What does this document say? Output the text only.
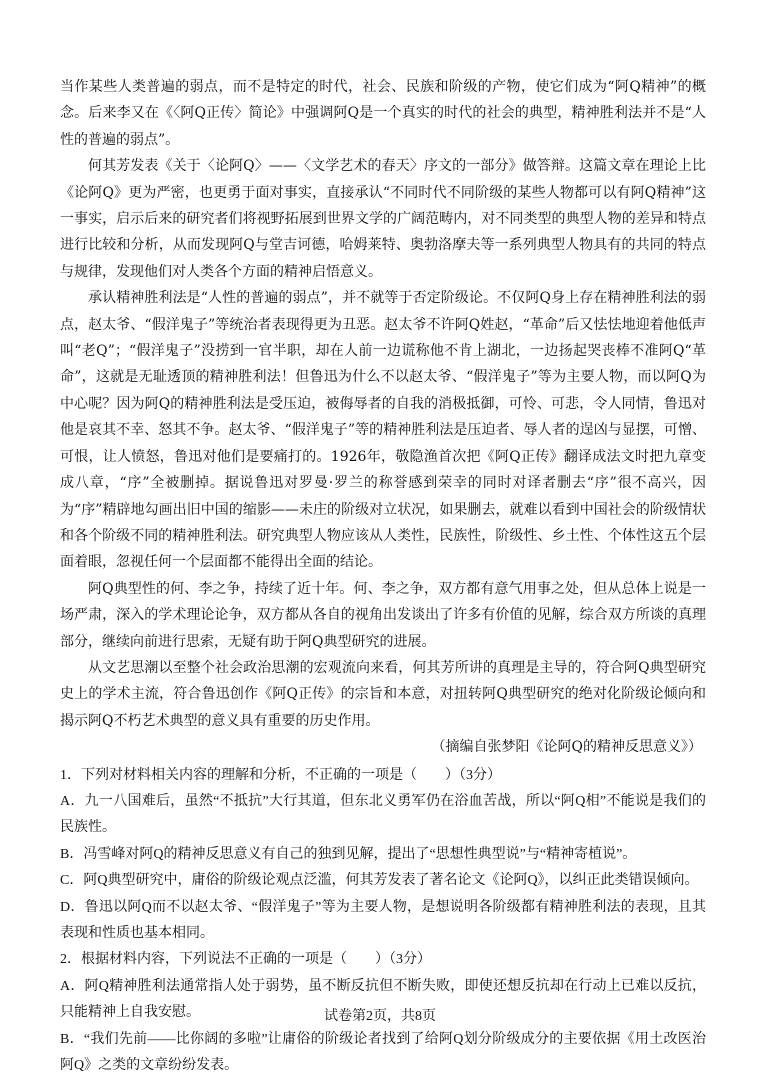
当作某些人类普遍的弱点，而不是特定的时代，社会、民族和阶级的产物，使它们成为“阿Q精神”的概念。后来李又在《〈阿Q正传〉简论》中强调阿Q是一个真实的时代的社会的典型，精神胜利法并不是“人性的普遍的弱点”。

何其芳发表《关于〈论阿Q〉——〈文学艺术的春天〉序文的一部分》做答辩。这篇文章在理论上比《论阿Q》更为严密，也更勇于面对事实，直接承认“不同时代不同阶级的某些人物都可以有阿Q精神”这一事实，启示后来的研究者们将视野拓展到世界文学的广阔范畴内，对不同类型的典型人物的差异和特点进行比较和分析，从而发现阿Q与堂吉诃德，哈姆莱特、奥勃洛摩夫等一系列典型人物具有的共同的特点与规律，发现他们对人类各个方面的精神启悟意义。

承认精神胜利法是“人性的普遍的弱点”，并不就等于否定阶级论。不仅阿Q身上存在精神胜利法的弱点，赵太爷、“假洋鬼子”等统治者表现得更为丑恶。赵太爷不许阿Q姓赵，“革命”后又怯怯地迎着他低声叫“老Q”；“假洋鬼子”没捞到一官半职，却在人前一边谎称他不肯上湖北，一边扬起哭丧棒不准阿Q“革命”，这就是无耻透顶的精神胜利法！但鲁迅为什么不以赵太爷、“假洋鬼子”等为主要人物，而以阿Q为中心呢？因为阿Q的精神胜利法是受压迫，被侮辱者的自我的消极抵御，可怜、可悲，令人同情，鲁迅对他是哀其不幸、怒其不争。赵太爷、“假洋鬼子”等的精神胜利法是压迫者、辱人者的逞凶与显摆，可憎、可恨，让人愤怒，鲁迅对他们是要痛打的。1926年，敬隐渔首次把《阿Q正传》翻译成法文时把九章变成八章，“序”全被删掉。据说鲁迅对罗曼·罗兰的称誉感到荣幸的同时对译者删去“序”很不高兴，因为“序”精辟地勾画出旧中国的缩影——未庄的阶级对立状况，如果删去，就难以看到中国社会的阶级情状和各个阶级不同的精神胜利法。研究典型人物应该从人类性，民族性，阶级性、乡土性、个体性这五个层面着眼，忽视任何一个层面都不能得出全面的结论。

阿Q典型性的何、李之争，持续了近十年。何、李之争，双方都有意气用事之处，但从总体上说是一场严肃，深入的学术理论论争，双方都从各自的视角出发谈出了许多有价值的见解，综合双方所谈的真理部分，继续向前进行思索，无疑有助于阿Q典型研究的进展。

从文艺思潮以至整个社会政治思潮的宏观流向来看，何其芳所讲的真理是主导的，符合阿Q典型研究史上的学术主流，符合鲁迅创作《阿Q正传》的宗旨和本意，对扭转阿Q典型研究的绝对化阶级论倾向和揭示阿Q不朽艺术典型的意义具有重要的历史作用。

（摘编自张梦阳《论阿Q的精神反思意义》）

1．下列对材料相关内容的理解和分析，不正确的一项是（　　）（3分）

A．九一八国难后，虽然“不抵抗”大行其道，但东北义勇军仍在浴血苦战，所以“阿Q相”不能说是我们的民族性。

B．冯雪峰对阿Q的精神反思意义有自己的独到见解，提出了“思想性典型说”与“精神寄植说”。

C．阿Q典型研究中，庸俗的阶级论观点泛滥，何其芳发表了著名论文《论阿Q》，以纠正此类错误倾向。

D．鲁迅以阿Q而不以赵太爷、“假洋鬼子”等为主要人物，是想说明各阶级都有精神胜利法的表现，且其表现和性质也基本相同。

2．根据材料内容，下列说法不正确的一项是（　　）（3分）

A．阿Q精神胜利法通常指人处于弱势，虽不断反抗但不断失败，即使还想反抗却在行动上已难以反抗，只能精神上自我安慰。

B．“我们先前——比你阔的多啦”让庸俗的阶级论者找到了给阿Q划分阶级成分的主要依据《用土改医治阿Q》之类的文章纷纷发表。

试卷第2页，共8页
